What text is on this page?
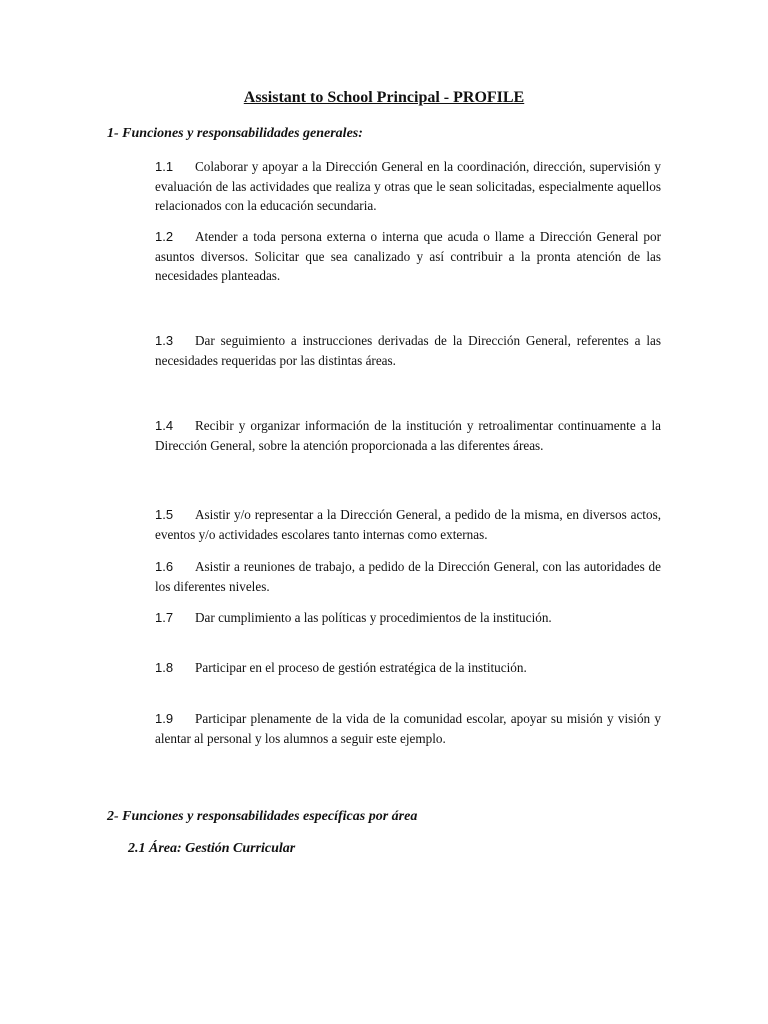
Assistant to School Principal - PROFILE
1- Funciones y responsabilidades generales:

1.1 Colaborar y apoyar a la Dirección General en la coordinación, dirección, supervisión y evaluación de las actividades que realiza y otras que le sean solicitadas, especialmente aquellos relacionados con la educación secundaria.

1.2 Atender a toda persona externa o interna que acuda o llame a Dirección General por asuntos diversos. Solicitar que sea canalizado y así contribuir a la pronta atención de las necesidades planteadas.

1.3 Dar seguimiento a instrucciones derivadas de la Dirección General, referentes a las necesidades requeridas por las distintas áreas.

1.4 Recibir y organizar información de la institución y retroalimentar continuamente a la Dirección General, sobre la atención proporcionada a las diferentes áreas.

1.5 Asistir y/o representar a la Dirección General, a pedido de la misma, en diversos actos, eventos y/o actividades escolares tanto internas como externas.

1.6 Asistir a reuniones de trabajo, a pedido de la Dirección General, con las autoridades de los diferentes niveles.

1.7 Dar cumplimiento a las políticas y procedimientos de la institución.

1.8 Participar en el proceso de gestión estratégica de la institución.

1.9 Participar plenamente de la vida de la comunidad escolar, apoyar su misión y visión y alentar al personal y los alumnos a seguir este ejemplo.

2- Funciones y responsabilidades específicas por área
2.1 Área: Gestión Curricular
